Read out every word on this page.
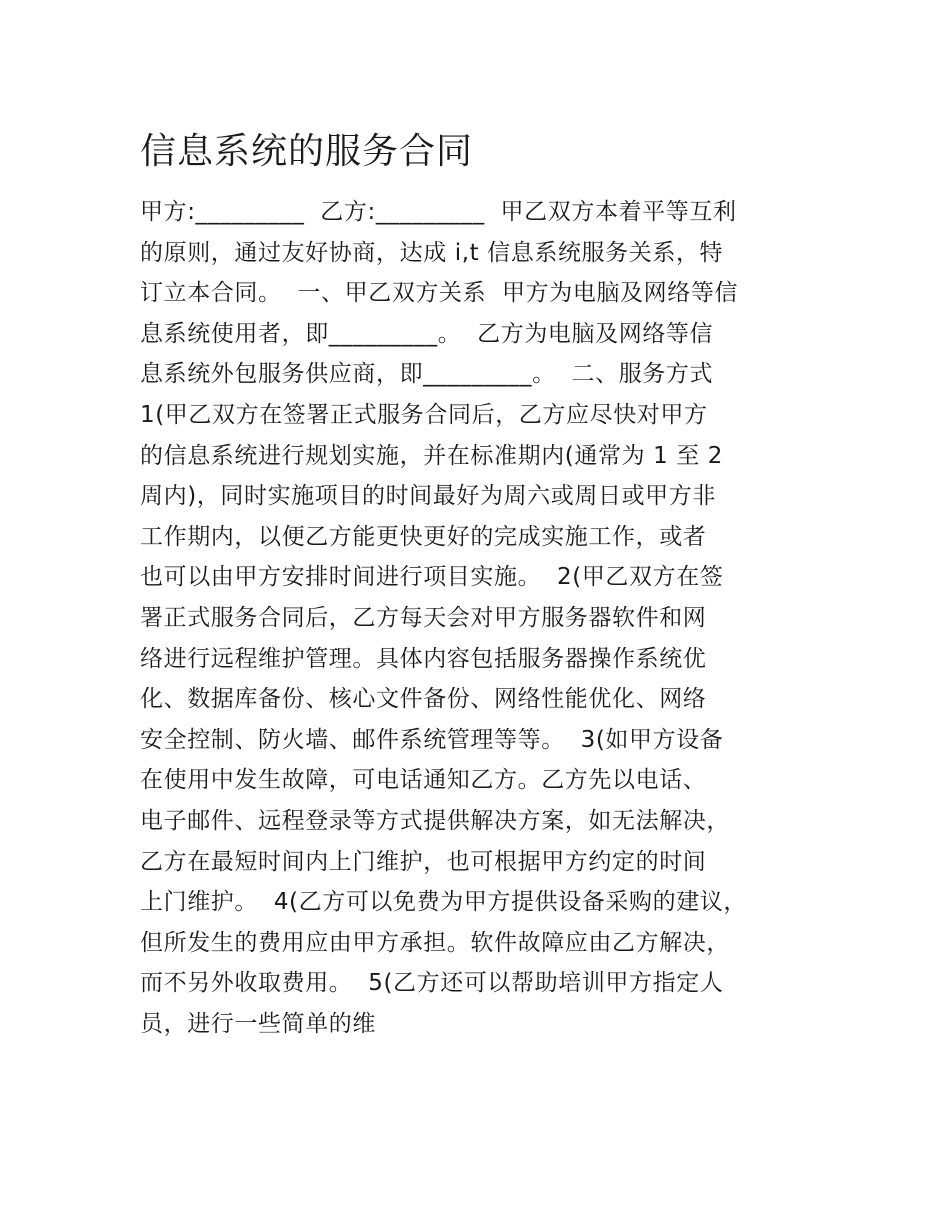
信息系统的服务合同
甲方:_________  乙方:_________  甲乙双方本着平等互利
的原则，通过友好协商，达成 i,t 信息系统服务关系，特
订立本合同。  一、甲乙双方关系  甲方为电脑及网络等信
息系统使用者，即_________。  乙方为电脑及网络等信
息系统外包服务供应商，即_________。  二、服务方式
1(甲乙双方在签署正式服务合同后，乙方应尽快对甲方
的信息系统进行规划实施，并在标准期内(通常为 1 至 2
周内)，同时实施项目的时间最好为周六或周日或甲方非
工作期内，以便乙方能更快更好的完成实施工作，或者
也可以由甲方安排时间进行项目实施。  2(甲乙双方在签
署正式服务合同后，乙方每天会对甲方服务器软件和网
络进行远程维护管理。具体内容包括服务器操作系统优
化、数据库备份、核心文件备份、网络性能优化、网络
安全控制、防火墙、邮件系统管理等等。  3(如甲方设备
在使用中发生故障，可电话通知乙方。乙方先以电话、
电子邮件、远程登录等方式提供解决方案，如无法解决，
乙方在最短时间内上门维护，也可根据甲方约定的时间
上门维护。  4(乙方可以免费为甲方提供设备采购的建议，
但所发生的费用应由甲方承担。软件故障应由乙方解决，
而不另外收取费用。  5(乙方还可以帮助培训甲方指定人
员，进行一些简单的维
